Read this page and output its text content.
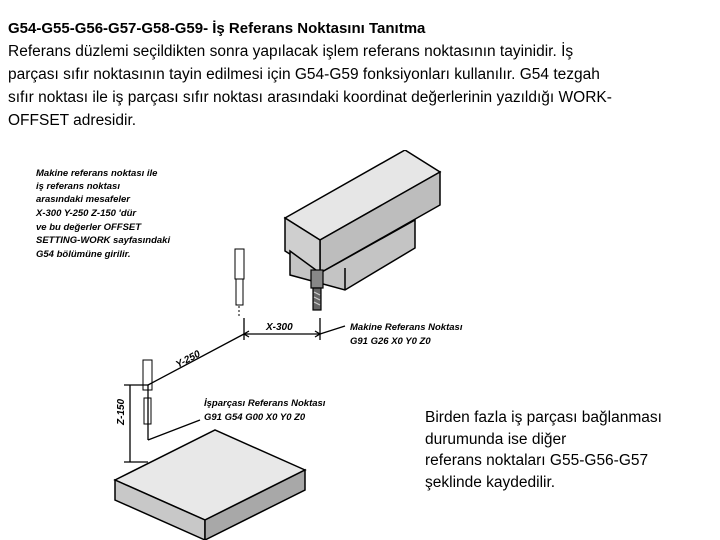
G54-G55-G56-G57-G58-G59- İş Referans Noktasını Tanıtma
Referans düzlemi seçildikten sonra yapılacak işlem referans noktasının tayinidir. İş
parçası sıfır noktasının tayin edilmesi için G54-G59 fonksiyonları kullanılır. G54 tezgah
sıfır noktası ile iş parçası sıfır noktası arasındaki koordinat değerlerinin yazıldığı WORK-
OFFSET adresidir.
Makine referans noktası ile
iş referans noktası
arasındaki mesafeler
X-300 Y-250 Z-150 'dür
ve bu değerler OFFSET
SETTING-WORK sayfasındaki
G54 bölümüne girilir.
X-300
Y-250
Z-150
Makine Referans Noktası
G91 G26 X0 Y0 Z0
İşparçası Referans Noktası
G91 G54 G00 X0 Y0 Z0	Birden fazla iş parçası bağlanması
durumunda ise diğer
referans noktaları G55-G56-G57
şeklinde kaydedilir.
